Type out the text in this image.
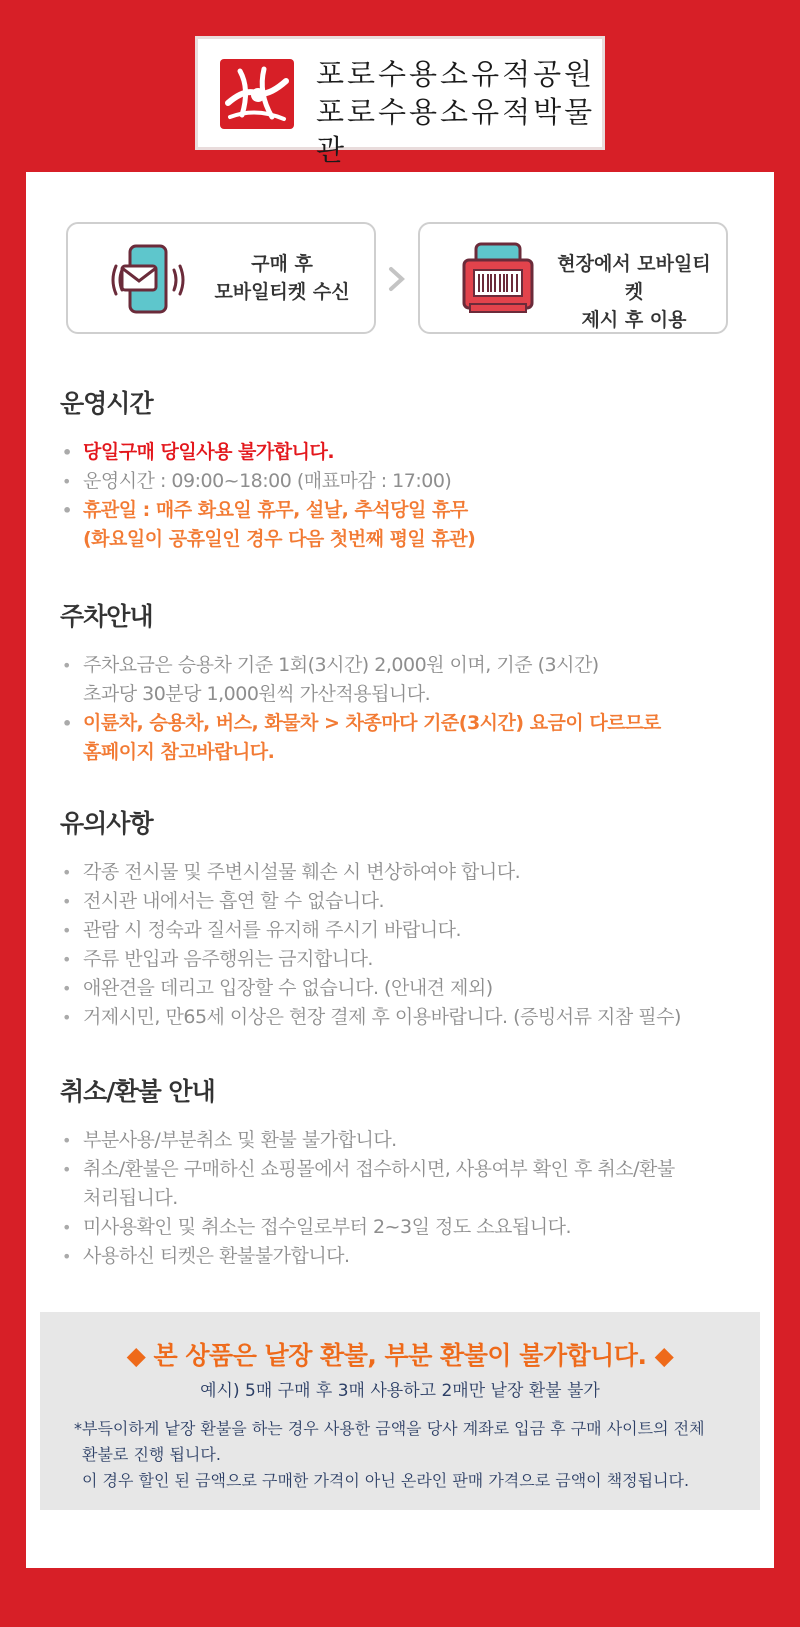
포로수용소유적공원
포로수용소유적박물관
구매 후
모바일티켓 수신
현장에서 모바일티켓
제시 후 이용
운영시간
• 당일구매 당일사용 불가합니다.
• 운영시간 : 09:00~18:00 (매표마감 : 17:00)
• 휴관일 : 매주 화요일 휴무, 설날, 추석당일 휴무
(화요일이 공휴일인 경우 다음 첫번째 평일 휴관)
주차안내
• 주차요금은 승용차 기준 1회(3시간) 2,000원 이며, 기준 (3시간)
초과당 30분당 1,000원씩 가산적용됩니다.
• 이륜차, 승용차, 버스, 화물차 > 차종마다 기준(3시간) 요금이 다르므로
홈페이지 참고바랍니다.
유의사항
• 각종 전시물 및 주변시설물 훼손 시 변상하여야 합니다.
• 전시관 내에서는 흡연 할 수 없습니다.
• 관람 시 정숙과 질서를 유지해 주시기 바랍니다.
• 주류 반입과 음주행위는 금지합니다.
• 애완견을 데리고 입장할 수 없습니다. (안내견 제외)
• 거제시민, 만65세 이상은 현장 결제 후 이용바랍니다. (증빙서류 지참 필수)
취소/환불 안내
• 부분사용/부분취소 및 환불 불가합니다.
• 취소/환불은 구매하신 쇼핑몰에서 접수하시면, 사용여부 확인 후 취소/환불
처리됩니다.
• 미사용확인 및 취소는 접수일로부터 2~3일 정도 소요됩니다.
• 사용하신 티켓은 환불불가합니다.
◆ 본 상품은 낱장 환불, 부분 환불이 불가합니다. ◆
예시) 5매 구매 후 3매 사용하고 2매만 낱장 환불 불가
*부득이하게 낱장 환불을 하는 경우 사용한 금액을 당사 계좌로 입금 후 구매 사이트의 전체
환불로 진행 됩니다.
이 경우 할인 된 금액으로 구매한 가격이 아닌 온라인 판매 가격으로 금액이 책정됩니다.
